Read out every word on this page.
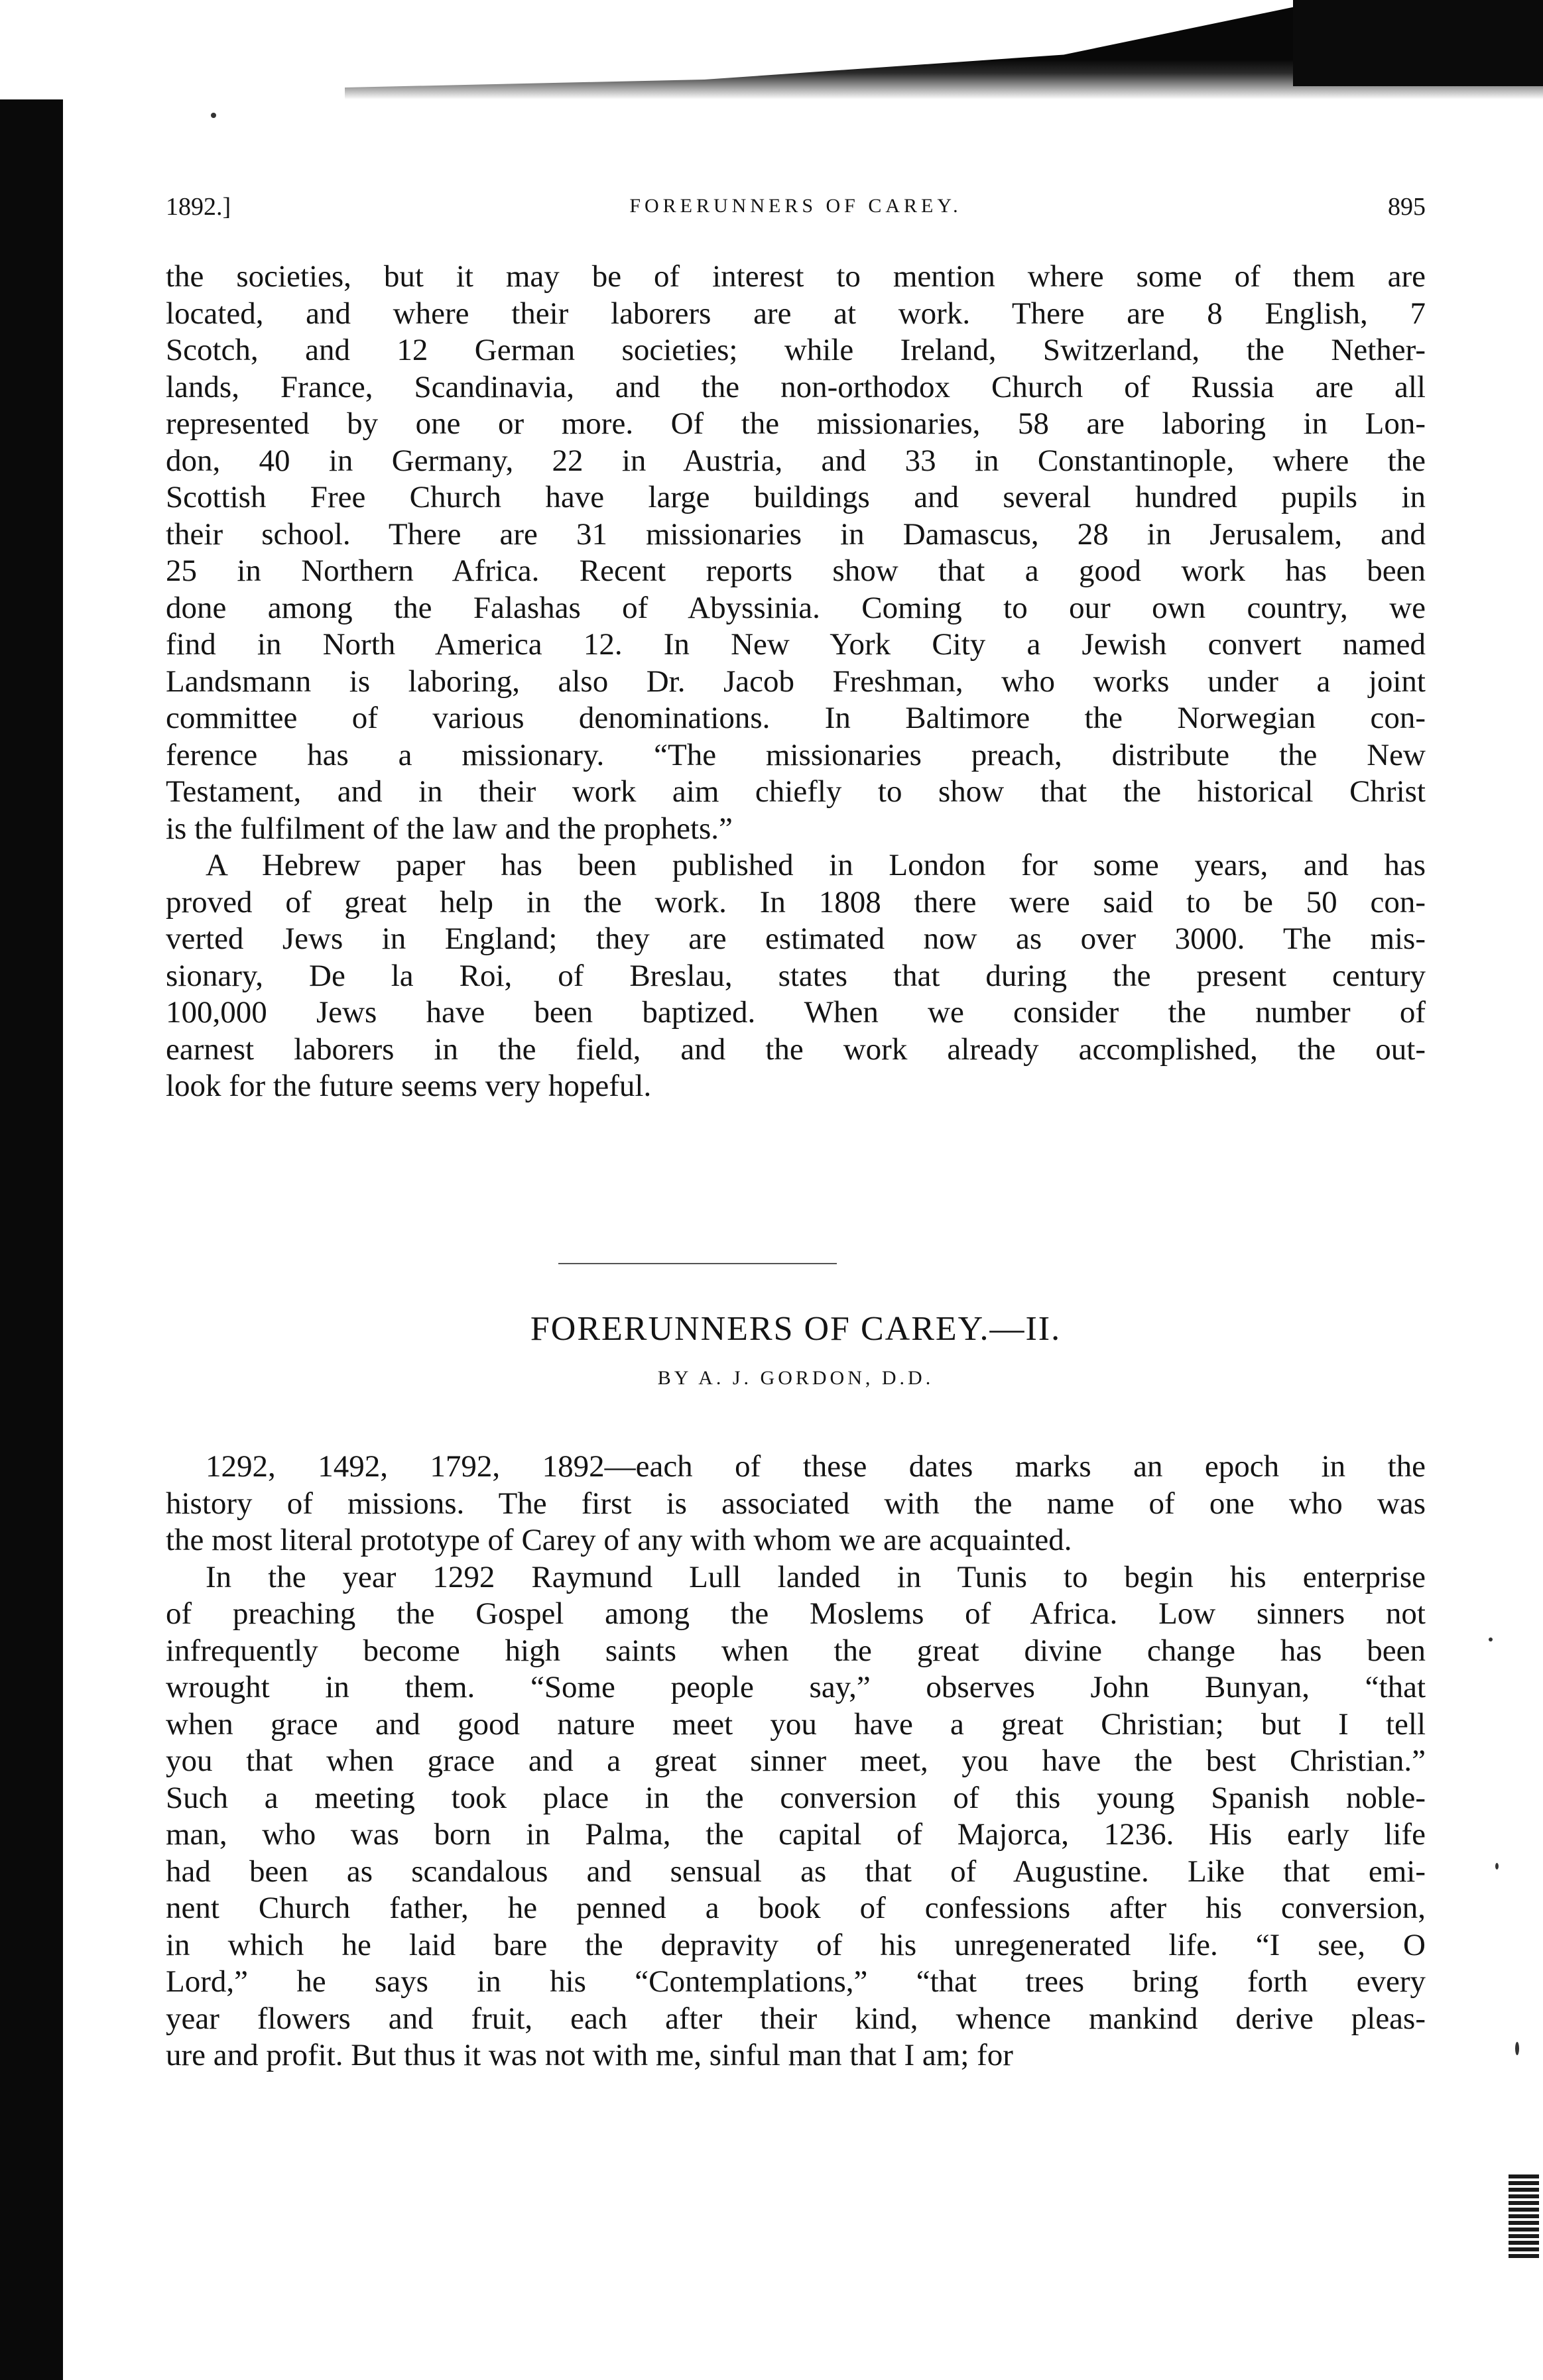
1892.]	FORERUNNERS OF CAREY.	895

the societies, but it may be of interest to mention where some of them are
located, and where their laborers are at work. There are 8 English, 7
Scotch, and 12 German societies; while Ireland, Switzerland, the Nether-
lands, France, Scandinavia, and the non-orthodox Church of Russia are all
represented by one or more. Of the missionaries, 58 are laboring in Lon-
don, 40 in Germany, 22 in Austria, and 33 in Constantinople, where the
Scottish Free Church have large buildings and several hundred pupils in
their school. There are 31 missionaries in Damascus, 28 in Jerusalem, and
25 in Northern Africa. Recent reports show that a good work has been
done among the Falashas of Abyssinia. Coming to our own country, we
find in North America 12. In New York City a Jewish convert named
Landsmann is laboring, also Dr. Jacob Freshman, who works under a joint
committee of various denominations. In Baltimore the Norwegian con-
ference has a missionary. “The missionaries preach, distribute the New
Testament, and in their work aim chiefly to show that the historical Christ
is the fulfilment of the law and the prophets.”

A Hebrew paper has been published in London for some years, and has
proved of great help in the work. In 1808 there were said to be 50 con-
verted Jews in England; they are estimated now as over 3000. The mis-
sionary, De la Roi, of Breslau, states that during the present century
100,000 Jews have been baptized. When we consider the number of
earnest laborers in the field, and the work already accomplished, the out-
look for the future seems very hopeful.

FORERUNNERS OF CAREY.—II.
BY A. J. GORDON, D.D.

1292, 1492, 1792, 1892—each of these dates marks an epoch in the
history of missions. The first is associated with the name of one who was
the most literal prototype of Carey of any with whom we are acquainted.

In the year 1292 Raymund Lull landed in Tunis to begin his enterprise
of preaching the Gospel among the Moslems of Africa. Low sinners not
infrequently become high saints when the great divine change has been
wrought in them. “Some people say,” observes John Bunyan, “that
when grace and good nature meet you have a great Christian; but I tell
you that when grace and a great sinner meet, you have the best Christian.”
Such a meeting took place in the conversion of this young Spanish noble-
man, who was born in Palma, the capital of Majorca, 1236. His early life
had been as scandalous and sensual as that of Augustine. Like that emi-
nent Church father, he penned a book of confessions after his conversion,
in which he laid bare the depravity of his unregenerated life. “I see, O
Lord,” he says in his “Contemplations,” “that trees bring forth every
year flowers and fruit, each after their kind, whence mankind derive pleas-
ure and profit. But thus it was not with me, sinful man that I am; for
